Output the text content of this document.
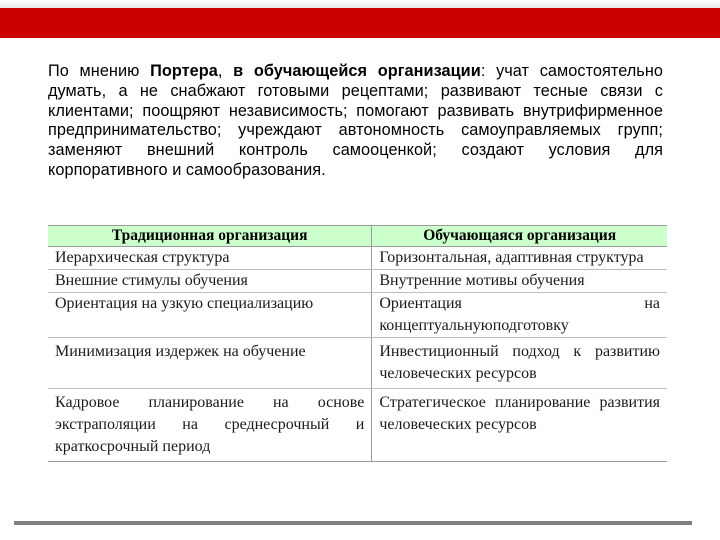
По мнению Портера, в обучающейся организации: учат самостоятельно думать, а не снабжают готовыми рецептами; развивают тесные связи с клиентами; поощряют независимость; помогают развивать внутрифирменное предпринимательство; учреждают автономность самоуправляемых групп; заменяют внешний контроль самооценкой; создают условия для корпоративного и самообразования.
Традиционная организация	Обучающаяся организация
Иерархическая структура	Горизонтальная, адаптивная структура
Внешние стимулы обучения	Внутренние мотивы обучения
Ориентация на узкую специализацию	Ориентация на концептуальнуюподготовку
Минимизация издержек на обучение	Инвестиционный подход к развитию человеческих ресурсов
Кадровое планирование на основе экстраполяции на среднесрочный и краткосрочный период	Стратегическое планирование развития человеческих ресурсов
